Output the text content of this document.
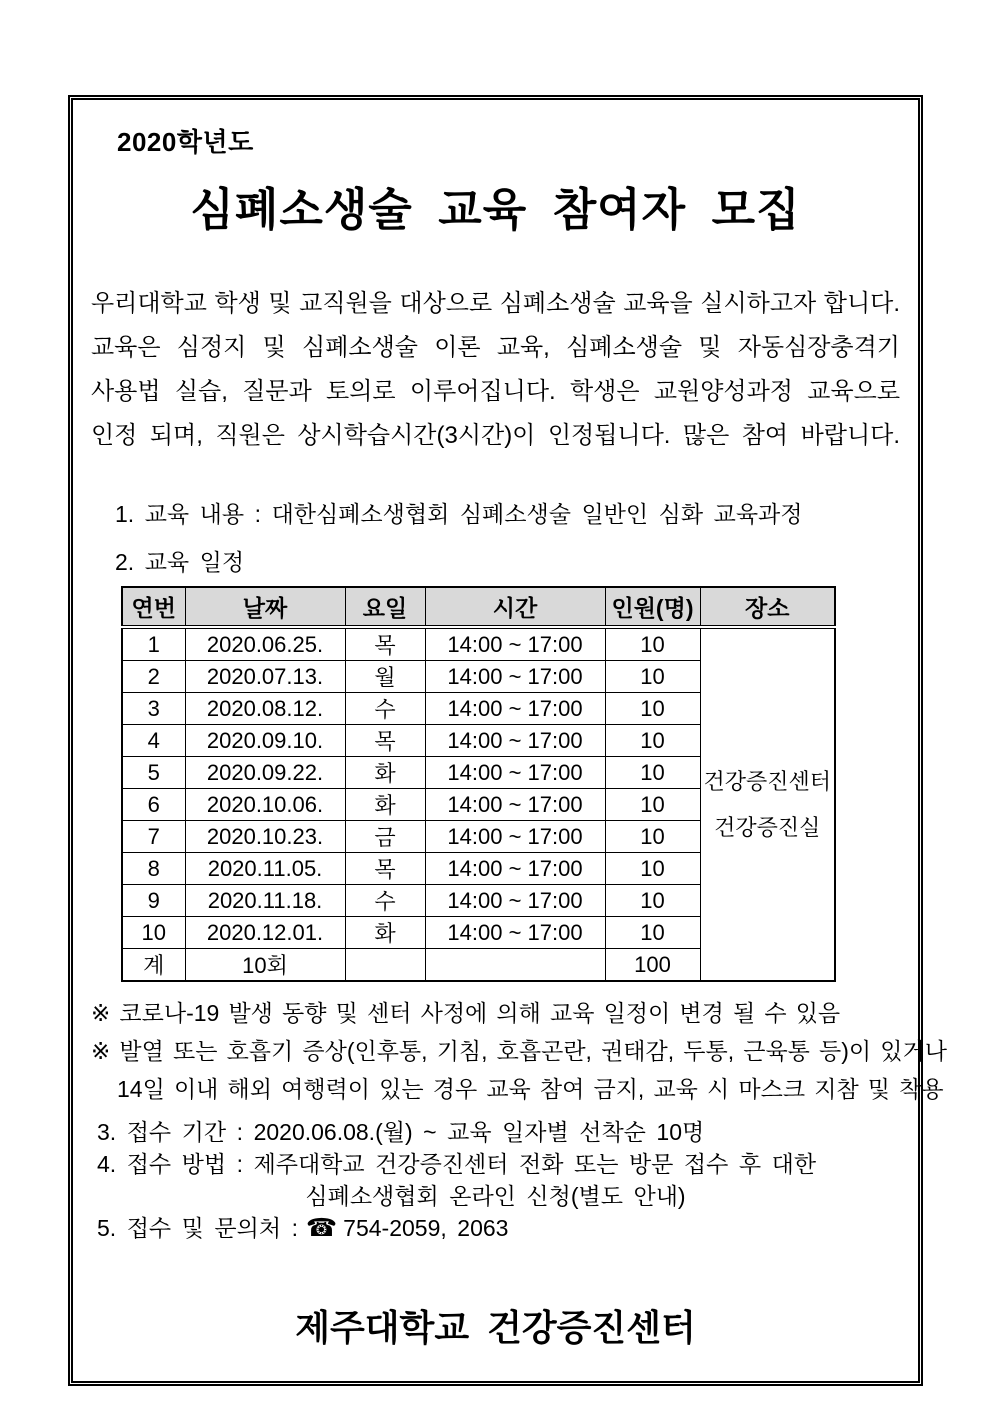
2020학년도
심폐소생술 교육 참여자 모집
우리대학교 학생 및 교직원을 대상으로 심폐소생술 교육을 실시하고자 합니다.
교육은 심정지 및 심폐소생술 이론 교육, 심폐소생술 및 자동심장충격기
사용법 실습, 질문과 토의로 이루어집니다. 학생은 교원양성과정 교육으로
인정 되며, 직원은 상시학습시간(3시간)이 인정됩니다. 많은 참여 바랍니다.
1. 교육 내용 : 대한심폐소생협회 심폐소생술 일반인 심화 교육과정
2. 교육 일정
연번	날짜	요일	시간	인원(명)	장소
1	2020.06.25.	목	14:00 ~ 17:00	10	건강증진센터
건강증진실

2	2020.07.13.	월	14:00 ~ 17:00	10	
3	2020.08.12.	수	14:00 ~ 17:00	10	
4	2020.09.10.	목	14:00 ~ 17:00	10	
5	2020.09.22.	화	14:00 ~ 17:00	10	
6	2020.10.06.	화	14:00 ~ 17:00	10	
7	2020.10.23.	금	14:00 ~ 17:00	10	
8	2020.11.05.	목	14:00 ~ 17:00	10	
9	2020.11.18.	수	14:00 ~ 17:00	10	
10	2020.12.01.	화	14:00 ~ 17:00	10	
계	10회			100	
※ 코로나-19 발생 동향 및 센터 사정에 의해 교육 일정이 변경 될 수 있음
※ 발열 또는 호흡기 증상(인후통, 기침, 호흡곤란, 권태감, 두통, 근육통 등)이 있거나
14일 이내 해외 여행력이 있는 경우 교육 참여 금지, 교육 시 마스크 지참 및 착용
3. 접수 기간 : 2020.06.08.(월) ~ 교육 일자별 선착순 10명
4. 접수 방법 : 제주대학교 건강증진센터 전화 또는 방문 접수 후 대한
심폐소생협회 온라인 신청(별도 안내)
5. 접수 및 문의처 : ☎ 754-2059, 2063
제주대학교 건강증진센터
